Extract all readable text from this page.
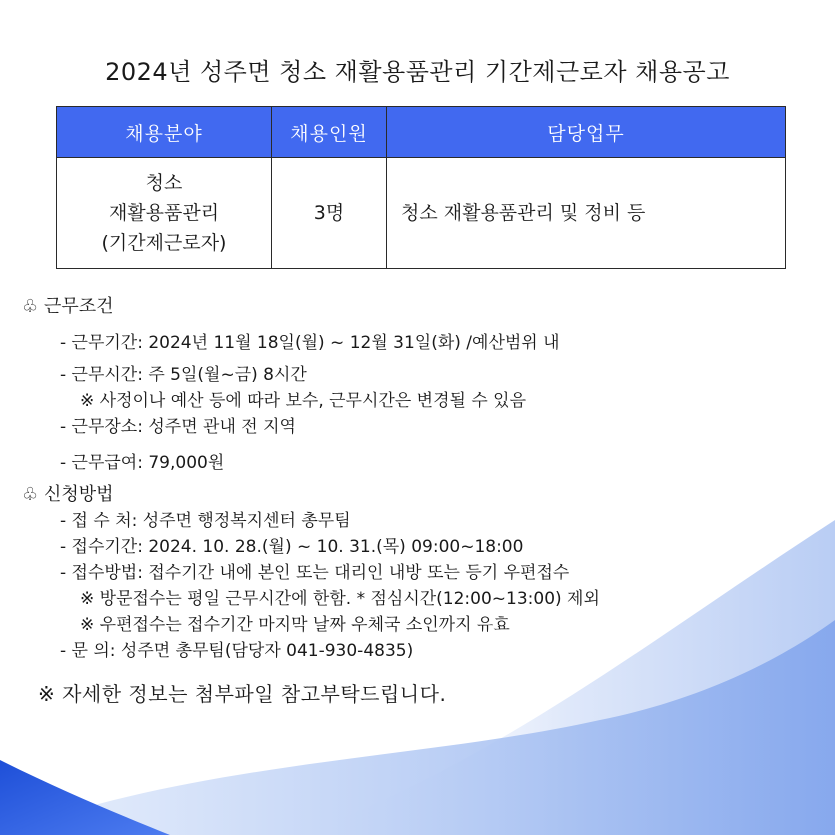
2024년 성주면 청소 재활용품관리 기간제근로자 채용공고
채용분야	채용인원	담당업무

청소
재활용품관리
(기간제근로자)	3명	청소 재활용품관리 및 정비 등
♧ 근무조건
- 근무기간: 2024년 11월 18일(월) ~ 12월 31일(화) /예산범위 내
- 근무시간: 주 5일(월~금) 8시간
※ 사정이나 예산 등에 따라 보수, 근무시간은 변경될 수 있음
- 근무장소: 성주면 관내 전 지역
- 근무급여: 79,000원
♧ 신청방법
- 접 수 처: 성주면 행정복지센터 총무팀
- 접수기간: 2024. 10. 28.(월) ~ 10. 31.(목) 09:00~18:00
- 접수방법: 접수기간 내에 본인 또는 대리인 내방 또는 등기 우편접수
※ 방문접수는 평일 근무시간에 한함. * 점심시간(12:00~13:00) 제외
※ 우편접수는 접수기간 마지막 날짜 우체국 소인까지 유효
- 문 의: 성주면 총무팀(담당자 041-930-4835)
※ 자세한 정보는 첨부파일 참고부탁드립니다.
